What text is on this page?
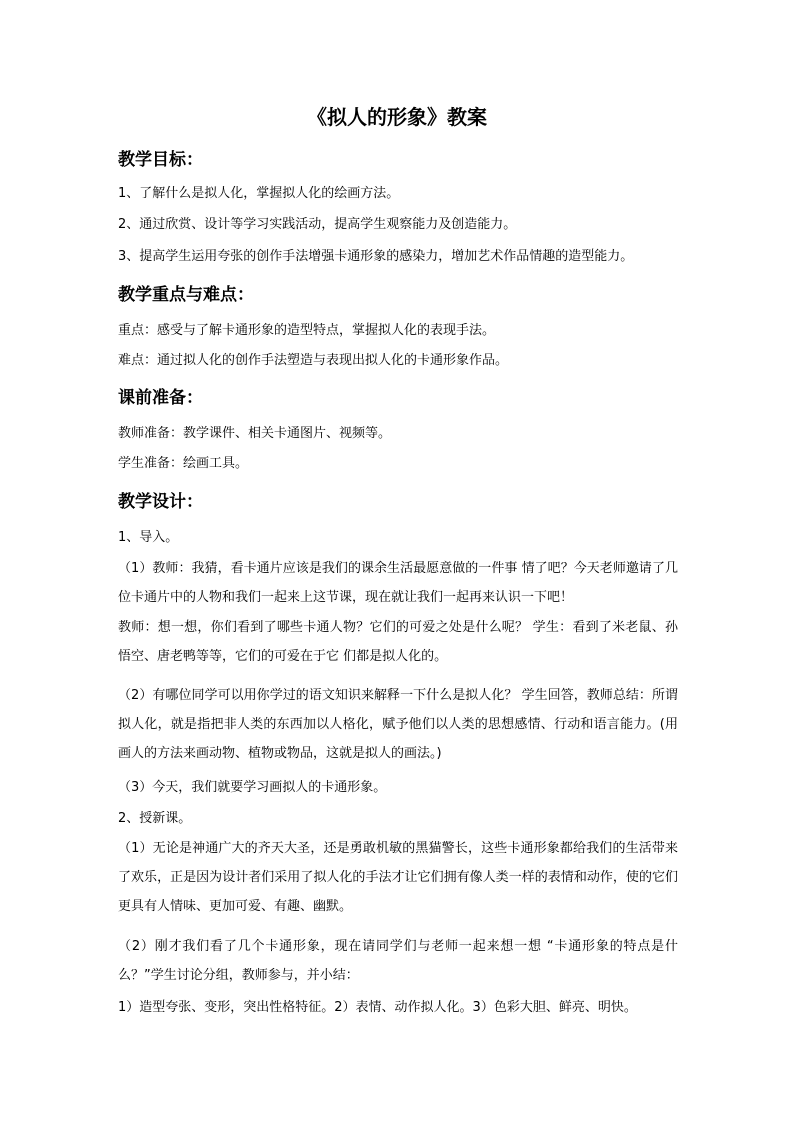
《拟人的形象》教案
教学目标：
1、了解什么是拟人化，掌握拟人化的绘画方法。
2、通过欣赏、设计等学习实践活动，提高学生观察能力及创造能力。
3、提高学生运用夸张的创作手法增强卡通形象的感染力，增加艺术作品情趣的造型能力。
教学重点与难点：
重点：感受与了解卡通形象的造型特点，掌握拟人化的表现手法。
难点：通过拟人化的创作手法塑造与表现出拟人化的卡通形象作品。
课前准备：
教师准备：教学课件、相关卡通图片、视频等。
学生准备：绘画工具。
教学设计：
1、导入。
（1）教师：我猜，看卡通片应该是我们的课余生活最愿意做的一件事 情了吧？今天老师邀请了几位卡通片中的人物和我们一起来上这节课，现在就让我们一起再来认识一下吧！
教师：想一想，你们看到了哪些卡通人物？它们的可爱之处是什么呢？ 学生：看到了米老鼠、孙悟空、唐老鸭等等，它们的可爱在于它 们都是拟人化的。
（2）有哪位同学可以用你学过的语文知识来解释一下什么是拟人化？ 学生回答，教师总结：所谓拟人化，就是指把非人类的东西加以人格化，赋予他们以人类的思想感情、行动和语言能力。(用画人的方法来画动物、植物或物品，这就是拟人的画法。)
（3）今天，我们就要学习画拟人的卡通形象。
2、授新课。
（1）无论是神通广大的齐天大圣，还是勇敢机敏的黑猫警长，这些卡通形象都给我们的生活带来了欢乐，正是因为设计者们采用了拟人化的手法才让它们拥有像人类一样的表情和动作，使的它们更具有人情味、更加可爱、有趣、幽默。
（2）刚才我们看了几个卡通形象，现在请同学们与老师一起来想一想 “卡通形象的特点是什么？”学生讨论分组，教师参与，并小结：
1）造型夸张、变形，突出性格特征。2）表情、动作拟人化。3）色彩大胆、鲜亮、明快。
